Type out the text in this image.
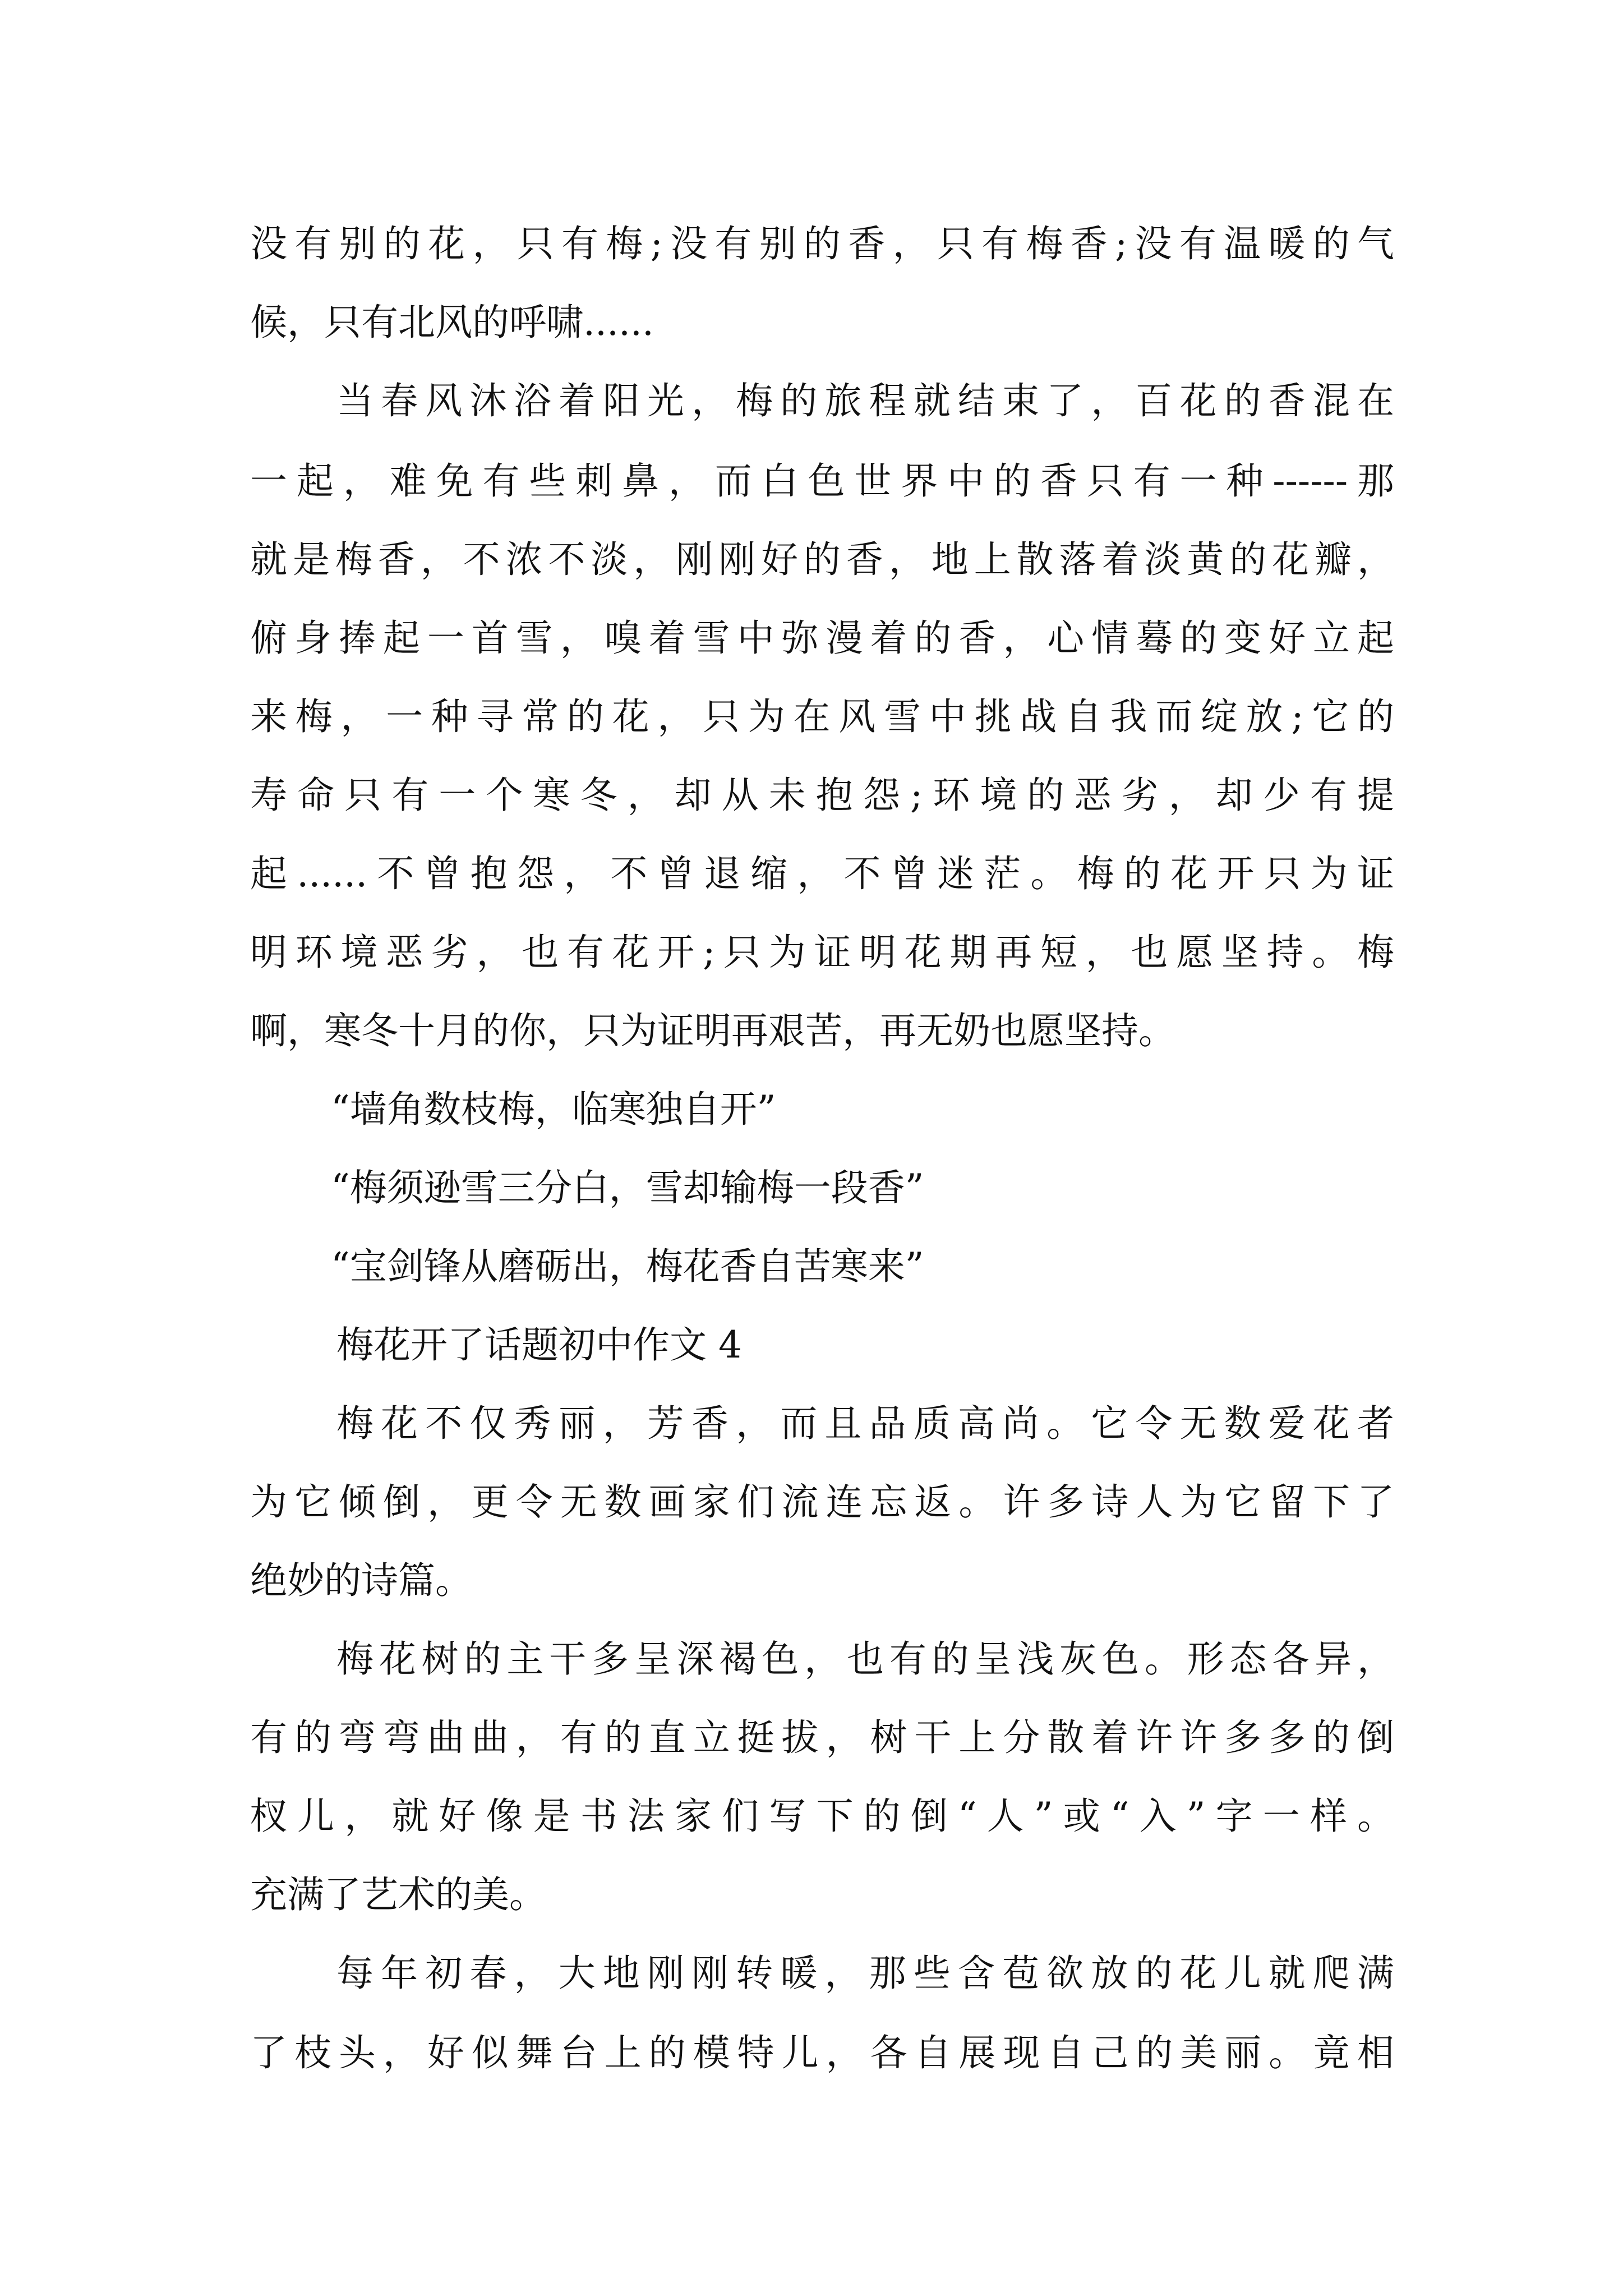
没有别的花，只有梅;没有别的香，只有梅香;没有温暖的气
候，只有北风的呼啸......
当春风沐浴着阳光，梅的旅程就结束了，百花的香混在
一起，难免有些刺鼻，而白色世界中的香只有一种------那
就是梅香，不浓不淡，刚刚好的香，地上散落着淡黄的花瓣，
俯身捧起一首雪，嗅着雪中弥漫着的香，心情蓦的变好立起
来梅，一种寻常的花，只为在风雪中挑战自我而绽放;它的
寿命只有一个寒冬，却从未抱怨;环境的恶劣，却少有提
起......不曾抱怨，不曾退缩，不曾迷茫。梅的花开只为证
明环境恶劣，也有花开;只为证明花期再短，也愿坚持。梅
啊，寒冬十月的你，只为证明再艰苦，再无奶也愿坚持。
“墙角数枝梅，临寒独自开”
“梅须逊雪三分白，雪却输梅一段香”
“宝剑锋从磨砺出，梅花香自苦寒来”
梅花开了话题初中作文 4
梅花不仅秀丽，芳香，而且品质高尚。它令无数爱花者
为它倾倒，更令无数画家们流连忘返。许多诗人为它留下了
绝妙的诗篇。
梅花树的主干多呈深褐色，也有的呈浅灰色。形态各异，
有的弯弯曲曲，有的直立挺拔，树干上分散着许许多多的倒
杈儿，就好像是书法家们写下的倒“人”或“入”字一样。
充满了艺术的美。
每年初春，大地刚刚转暖，那些含苞欲放的花儿就爬满
了枝头，好似舞台上的模特儿，各自展现自己的美丽。竟相
